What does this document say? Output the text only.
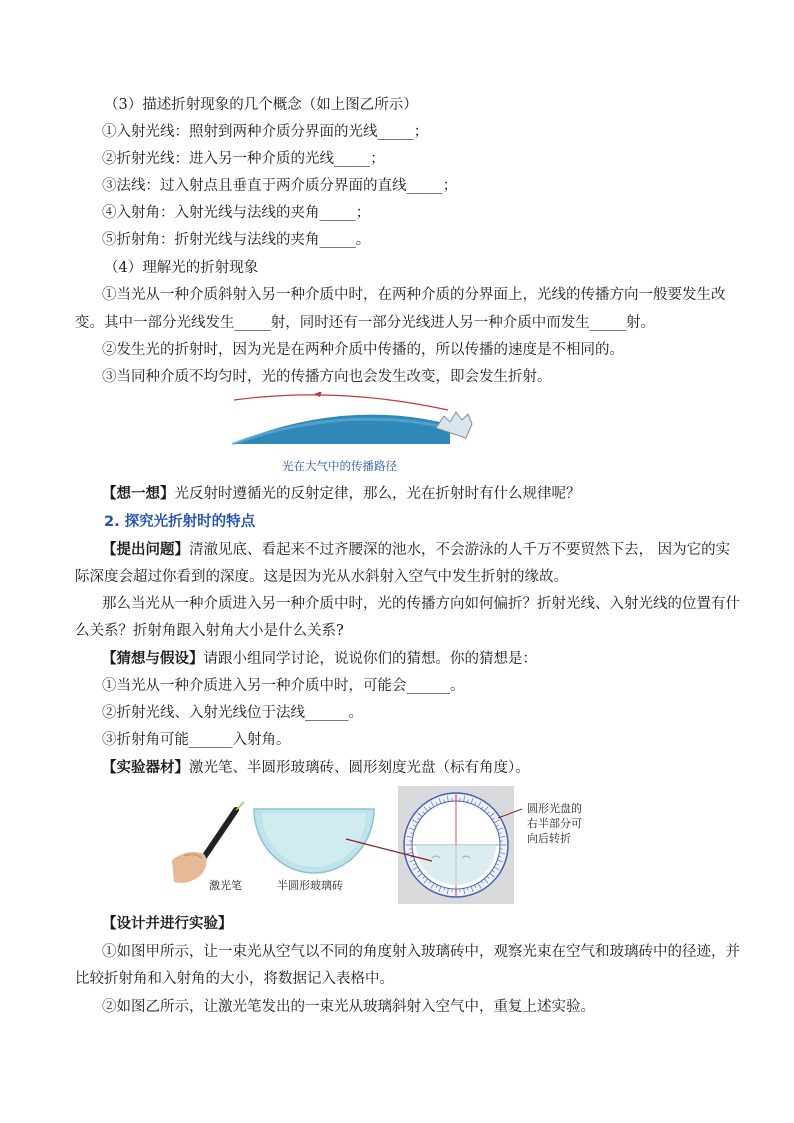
（3）描述折射现象的几个概念（如上图乙所示）
①入射光线：照射到两种介质分界面的光线_____；
②折射光线：进入另一种介质的光线_____；
③法线：过入射点且垂直于两介质分界面的直线_____；
④入射角：入射光线与法线的夹角_____；
⑤折射角：折射光线与法线的夹角_____。
（4）理解光的折射现象
①当光从一种介质斜射入另一种介质中时，在两种介质的分界面上，光线的传播方向一般要发生改
变。其中一部分光线发生_____射，同时还有一部分光线进人另一种介质中而发生_____射。
②发生光的折射时，因为光是在两种介质中传播的，所以传播的速度是不相同的。
③当同种介质不均匀时，光的传播方向也会发生改变，即会发生折射。
光在大气中的传播路径
【想一想】光反射时遵循光的反射定律，那么，光在折射时有什么规律呢？
2. 探究光折射时的特点
【提出问题】清澈见底、看起来不过齐腰深的池水，不会游泳的人千万不要贸然下去， 因为它的实
际深度会超过你看到的深度。这是因为光从水斜射入空气中发生折射的缘故。
那么当光从一种介质进入另一种介质中时，光的传播方向如何偏折？折射光线、入射光线的位置有什
么关系？折射角跟入射角大小是什么关系?
【猜想与假设】请跟小组同学讨论，说说你们的猜想。你的猜想是：
①当光从一种介质进入另一种介质中时，可能会______。
②折射光线、入射光线位于法线______。
③折射角可能______入射角。
【实验器材】激光笔、半圆形玻璃砖、圆形刻度光盘（标有角度）。
激光笔	半圆形玻璃砖
圆形光盘的
右半部分可
向后转折
【设计并进行实验】
①如图甲所示，让一束光从空气以不同的角度射入玻璃砖中，观察光束在空气和玻璃砖中的径迹，并
比较折射角和入射角的大小，将数据记入表格中。
②如图乙所示，让激光笔发出的一束光从玻璃斜射入空气中，重复上述实验。
